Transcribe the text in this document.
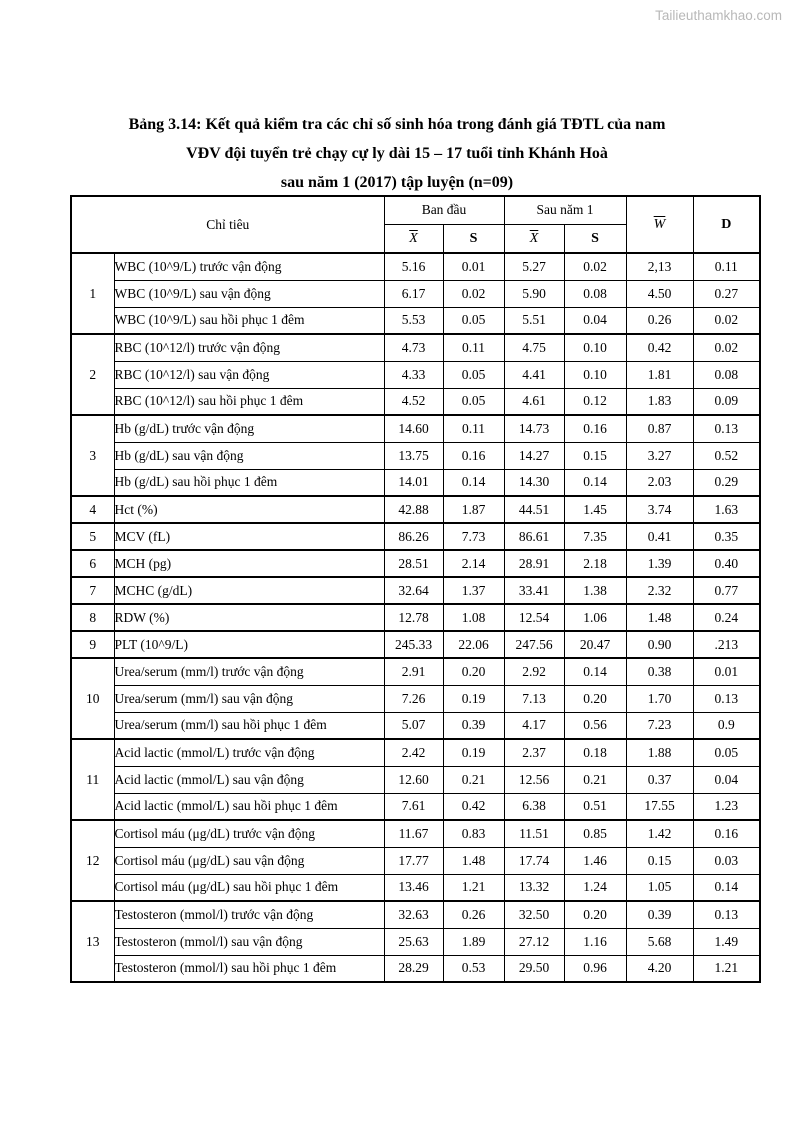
Tailieuthamkhao.com
Bảng 3.14: Kết quả kiểm tra các chỉ số sinh hóa trong đánh giá TĐTL của nam
VĐV đội tuyển trẻ chạy cự ly dài 15 – 17 tuổi tỉnh Khánh Hoà
sau năm 1 (2017) tập luyện (n=09)
Chỉ tiêu		Ban đầu		Sau năm 1		$\overline{W}$	D
		$\overline{X}$	S	$\overline{X}$	S		
1	WBC (10^9/L) trước vận động	5.16	0.01	5.27	0.02	2,13	0.11
	WBC (10^9/L) sau vận động	6.17	0.02	5.90	0.08	4.50	0.27
	WBC (10^9/L) sau hồi phục 1 đêm	5.53	0.05	5.51	0.04	0.26	0.02
2	RBC (10^12/l) trước vận động	4.73	0.11	4.75	0.10	0.42	0.02
	RBC (10^12/l) sau vận động	4.33	0.05	4.41	0.10	1.81	0.08
	RBC (10^12/l) sau hồi phục 1 đêm	4.52	0.05	4.61	0.12	1.83	0.09
3	Hb (g/dL) trước vận động	14.60	0.11	14.73	0.16	0.87	0.13
	Hb (g/dL) sau vận động	13.75	0.16	14.27	0.15	3.27	0.52
	Hb (g/dL) sau hồi phục 1 đêm	14.01	0.14	14.30	0.14	2.03	0.29
4	Hct (%)	42.88	1.87	44.51	1.45	3.74	1.63
5	MCV (fL)	86.26	7.73	86.61	7.35	0.41	0.35
6	MCH (pg)	28.51	2.14	28.91	2.18	1.39	0.40
7	MCHC (g/dL)	32.64	1.37	33.41	1.38	2.32	0.77
8	RDW (%)	12.78	1.08	12.54	1.06	1.48	0.24
9	PLT (10^9/L)	245.33	22.06	247.56	20.47	0.90	.213
10	Urea/serum (mm/l) trước vận động	2.91	0.20	2.92	0.14	0.38	0.01
	Urea/serum (mm/l) sau vận động	7.26	0.19	7.13	0.20	1.70	0.13
	Urea/serum (mm/l) sau hồi phục 1 đêm	5.07	0.39	4.17	0.56	7.23	0.9
11	Acid lactic (mmol/L) trước vận động	2.42	0.19	2.37	0.18	1.88	0.05
	Acid lactic (mmol/L) sau vận động	12.60	0.21	12.56	0.21	0.37	0.04
	Acid lactic (mmol/L) sau hồi phục 1 đêm	7.61	0.42	6.38	0.51	17.55	1.23
12	Cortisol máu (μg/dL) trước vận động	11.67	0.83	11.51	0.85	1.42	0.16
	Cortisol máu (μg/dL) sau vận động	17.77	1.48	17.74	1.46	0.15	0.03
	Cortisol máu (μg/dL) sau hồi phục 1 đêm	13.46	1.21	13.32	1.24	1.05	0.14
13	Testosteron (mmol/l) trước vận động	32.63	0.26	32.50	0.20	0.39	0.13
	Testosteron (mmol/l) sau vận động	25.63	1.89	27.12	1.16	5.68	1.49
	Testosteron (mmol/l) sau hồi phục 1 đêm	28.29	0.53	29.50	0.96	4.20	1.21
